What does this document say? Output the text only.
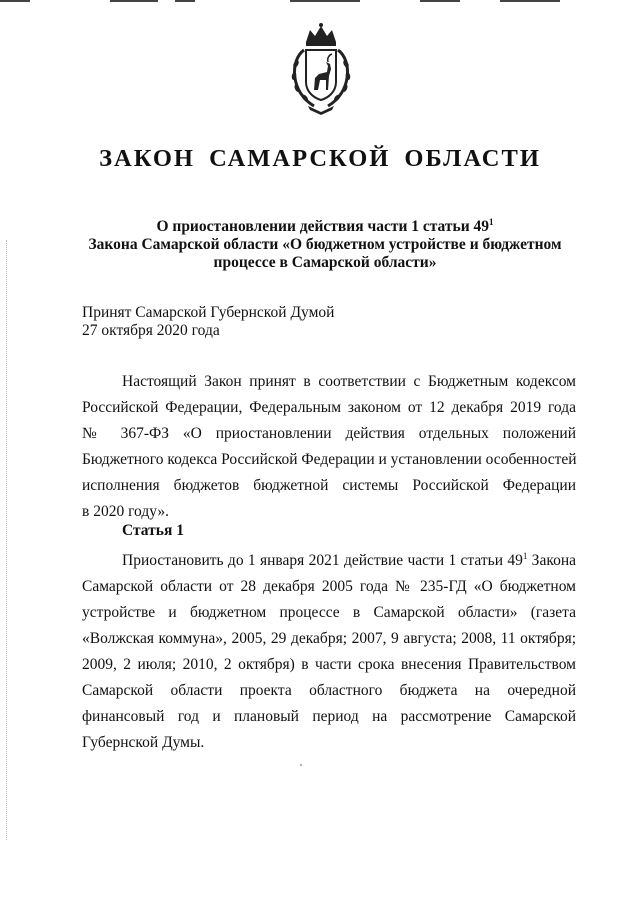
ЗАКОН САМАРСКОЙ ОБЛАСТИ

О приостановлении действия части 1 статьи $49^1$

Закона Самарской области «О бюджетном устройстве и бюджетном

процессе в Самарской области»

Принят Самарской Губернской Думой

27 октября 2020 года

Настоящий Закон принят в соответствии с Бюджетным кодексом
Российской Федерации, Федеральным законом от 12 декабря 2019 года
№ 367-ФЗ «О приостановлении действия отдельных положений
Бюджетного кодекса Российской Федерации и установлении особенностей
исполнения бюджетов бюджетной системы Российской Федерации
в 2020 году».
Статья 1
Приостановить до 1 января 2021 действие части 1 статьи $49^1$ Закона
Самарской области от 28 декабря 2005 года № 235-ГД «О бюджетном
устройстве и бюджетном процессе в Самарской области» (газета
«Волжская коммуна», 2005, 29 декабря; 2007, 9 августа; 2008, 11 октября;
2009, 2 июля; 2010, 2 октября) в части срока внесения Правительством
Самарской области проекта областного бюджета на очередной
финансовый год и плановый период на рассмотрение Самарской
Губернской Думы.
